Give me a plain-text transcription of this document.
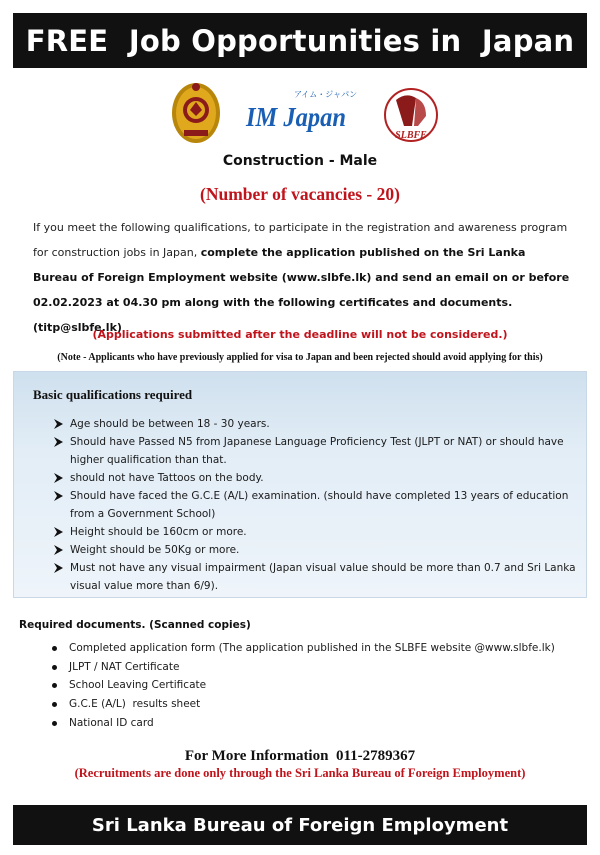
FREE  Job Opportunities in  Japan
アイム・ジャパン
IM Japan
SLBFE
Construction - Male
(Number of vacancies - 20)

If you meet the following qualifications, to participate in the registration and awareness program for construction jobs in Japan, complete the application published on the Sri Lanka Bureau of Foreign Employment website (www.slbfe.lk) and send an email on or before 02.02.2023 at 04.30 pm along with the following certificates and documents. (titp@slbfe.lk)

(Applications submitted after the deadline will not be considered.)
(Note - Applicants who have previously applied for visa to Japan and been rejected should avoid applying for this)
Basic qualifications required
Age should be between 18 - 30 years.
Should have Passed N5 from Japanese Language Proficiency Test (JLPT or NAT) or should have higher qualification than that.
should not have Tattoos on the body.
Should have faced the G.C.E (A/L) examination. (should have completed 13 years of education from a Government School)
Height should be 160cm or more.
Weight should be 50Kg or more.
Must not have any visual impairment (Japan visual value should be more than 0.7 and Sri Lanka visual value more than 6/9).
Required documents. (Scanned copies)
Completed application form (The application published in the SLBFE website @www.slbfe.lk)
JLPT / NAT Certificate
School Leaving Certificate
G.C.E (A/L)  results sheet
National ID card
For More Information  011-2789367
(Recruitments are done only through the Sri Lanka Bureau of Foreign Employment)
Sri Lanka Bureau of Foreign Employment
